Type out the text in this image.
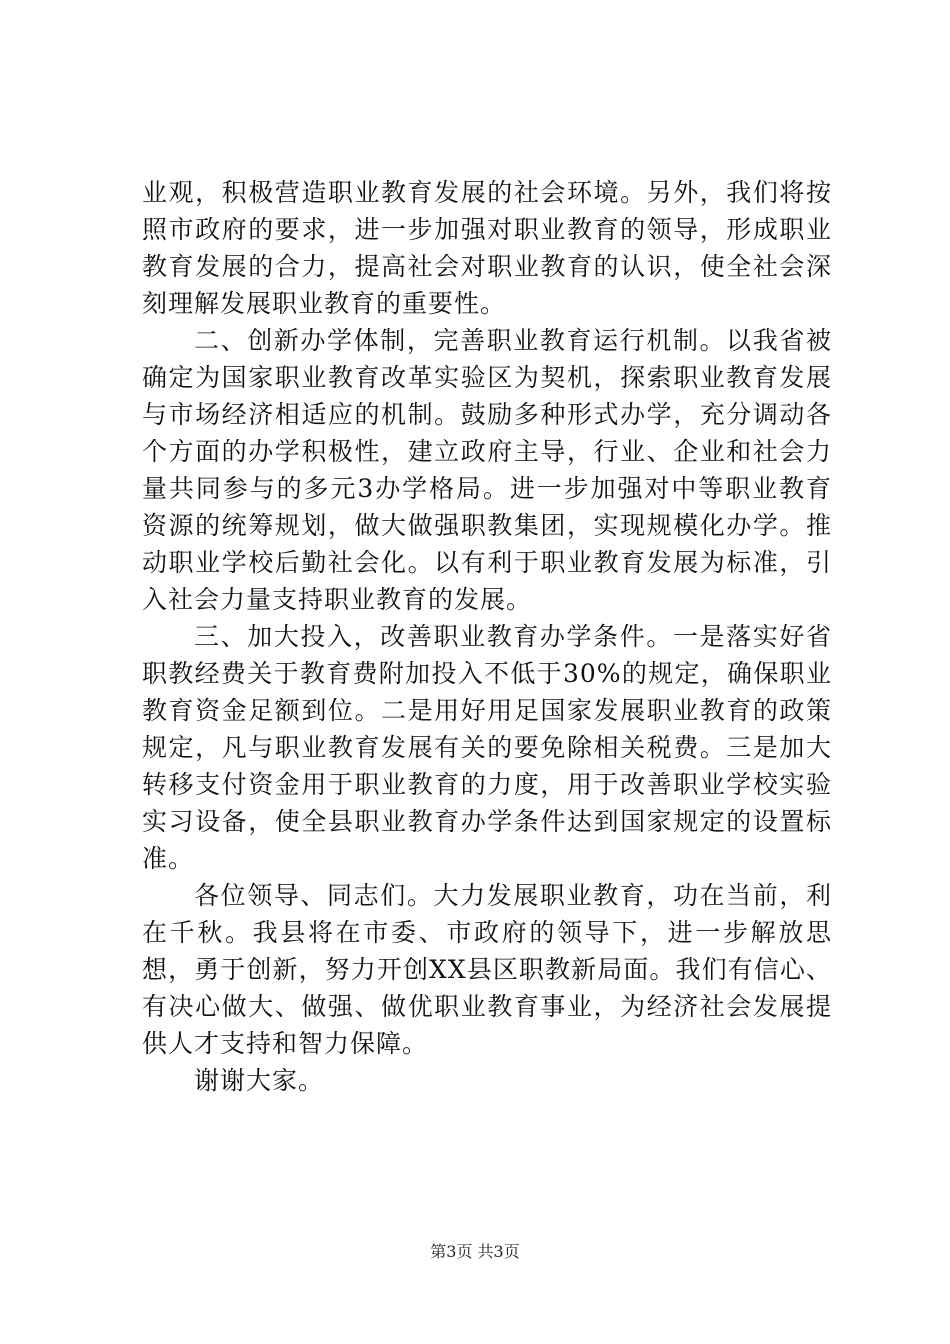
业观，积极营造职业教育发展的社会环境。另外，我们将按照市政府的要求，进一步加强对职业教育的领导，形成职业教育发展的合力，提高社会对职业教育的认识，使全社会深刻理解发展职业教育的重要性。

二、创新办学体制，完善职业教育运行机制。以我省被确定为国家职业教育改革实验区为契机，探索职业教育发展与市场经济相适应的机制。鼓励多种形式办学，充分调动各个方面的办学积极性，建立政府主导，行业、企业和社会力量共同参与的多元3办学格局。进一步加强对中等职业教育资源的统筹规划，做大做强职教集团，实现规模化办学。推动职业学校后勤社会化。以有利于职业教育发展为标准，引入社会力量支持职业教育的发展。

三、加大投入，改善职业教育办学条件。一是落实好省职教经费关于教育费附加投入不低于30%的规定，确保职业教育资金足额到位。二是用好用足国家发展职业教育的政策规定，凡与职业教育发展有关的要免除相关税费。三是加大转移支付资金用于职业教育的力度，用于改善职业学校实验实习设备，使全县职业教育办学条件达到国家规定的设置标准。

各位领导、同志们。大力发展职业教育，功在当前，利在千秋。我县将在市委、市政府的领导下，进一步解放思想，勇于创新，努力开创XX县区职教新局面。我们有信心、有决心做大、做强、做优职业教育事业，为经济社会发展提供人才支持和智力保障。

谢谢大家。

第3页 共3页
